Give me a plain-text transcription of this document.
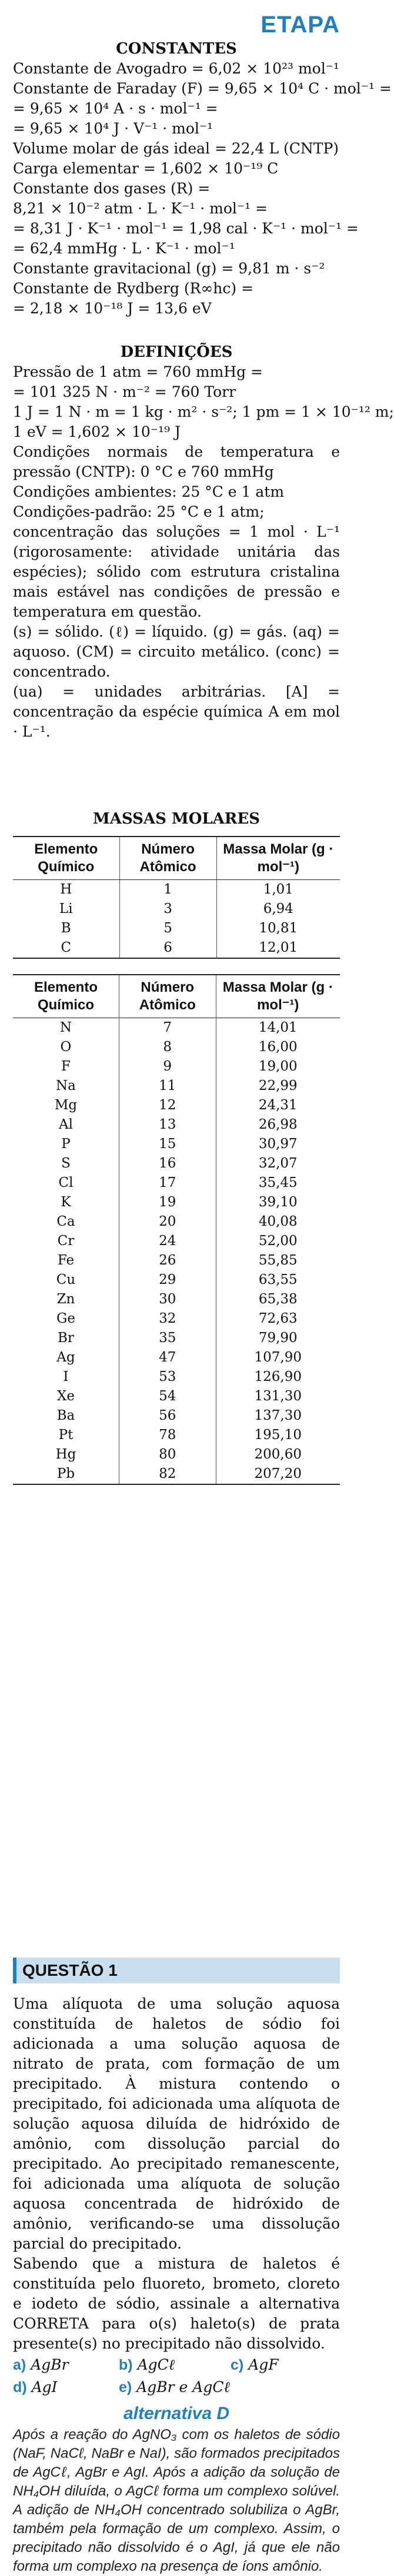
ETAPA
CONSTANTES
Constante de Avogadro = 6,02 × 10²³ mol⁻¹
Constante de Faraday (F) = 9,65 × 10⁴ C · mol⁻¹ =
= 9,65 × 10⁴ A · s · mol⁻¹ =
= 9,65 × 10⁴ J · V⁻¹ · mol⁻¹
Volume molar de gás ideal = 22,4 L (CNTP)
Carga elementar = 1,602 × 10⁻¹⁹ C
Constante dos gases (R) =
8,21 × 10⁻² atm · L · K⁻¹ · mol⁻¹ =
= 8,31 J · K⁻¹ · mol⁻¹ = 1,98 cal · K⁻¹ · mol⁻¹ =
= 62,4 mmHg · L · K⁻¹ · mol⁻¹
Constante gravitacional (g) = 9,81 m · s⁻²
Constante de Rydberg (R∞hc) =
= 2,18 × 10⁻¹⁸ J = 13,6 eV
DEFINIÇÕES
Pressão de 1 atm = 760 mmHg =
= 101 325 N · m⁻² = 760 Torr
1 J = 1 N · m = 1 kg · m² · s⁻²; 1 pm = 1 × 10⁻¹² m;
1 eV = 1,602 × 10⁻¹⁹ J
Condições normais de temperatura e pressão (CNTP): 0 °C e 760 mmHg
Condições ambientes: 25 °C e 1 atm
Condições-padrão: 25 °C e 1 atm;
concentração das soluções = 1 mol · L⁻¹ (rigorosamente: atividade unitária das espécies); sólido com estrutura cristalina mais estável nas condições de pressão e temperatura em questão.
(s) = sólido. (ℓ) = líquido. (g) = gás. (aq) = aquoso. (CM) = circuito metálico. (conc) = concentrado.
(ua) = unidades arbitrárias. [A] = concentração da espécie química A em mol · L⁻¹.
MASSAS MOLARES
Elemento Químico	Número Atômico	Massa Molar (g · mol⁻¹)
H	1	1,01
Li	3	6,94
B	5	10,81
C	6	12,01
Elemento Químico	Número Atômico	Massa Molar (g · mol⁻¹)
N	7	14,01
O	8	16,00
F	9	19,00
Na	11	22,99
Mg	12	24,31
Al	13	26,98
P	15	30,97
S	16	32,07
Cl	17	35,45
K	19	39,10
Ca	20	40,08
Cr	24	52,00
Fe	26	55,85
Cu	29	63,55
Zn	30	65,38
Ge	32	72,63
Br	35	79,90
Ag	47	107,90
I	53	126,90
Xe	54	131,30
Ba	56	137,30
Pt	78	195,10
Hg	80	200,60
Pb	82	207,20
QUESTÃO 1
Uma alíquota de uma solução aquosa constituída de haletos de sódio foi adicionada a uma solução aquosa de nitrato de prata, com formação de um precipitado. À mistura contendo o precipitado, foi adicionada uma alíquota de solução aquosa diluída de hidróxido de amônio, com dissolução parcial do precipitado. Ao precipitado remanescente, foi adicionada uma alíquota de solução aquosa concentrada de hidróxido de amônio, verificando-se uma dissolução parcial do precipitado.
Sabendo que a mistura de haletos é constituída pelo fluoreto, brometo, cloreto e iodeto de sódio, assinale a alternativa CORRETA para o(s) haleto(s) de prata presente(s) no precipitado não dissolvido.
a) AgBr	b) AgCℓ	c) AgF
d) AgI	e) AgBr e AgCℓ
alternativa D
Após a reação do AgNO₃ com os haletos de sódio (NaF, NaCℓ, NaBr e NaI), são formados precipitados de AgCℓ, AgBr e AgI. Após a adição da solução de NH₄OH diluída, o AgCℓ forma um complexo solúvel. A adição de NH₄OH concentrado solubiliza o AgBr, também pela formação de um complexo. Assim, o precipitado não dissolvido é o AgI, já que ele não forma um complexo na presença de íons amônio.
